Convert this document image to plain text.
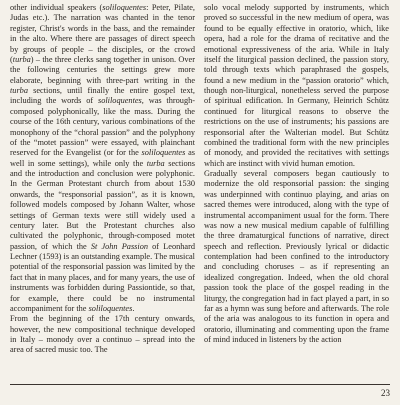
other individual speakers (soliloquentes: Peter, Pilate, Judas etc.). The narration was chanted in the tenor register, Christ's words in the bass, and the remainder in the alto. Where there are passages of direct speech by groups of people – the disciples, or the crowd (turba) – the three clerks sang together in unison. Over the following centuries the settings grew more elaborate, beginning with three-part writing in the turba sections, until finally the entire gospel text, including the words of soliloquentes, was through-composed polyphonically, like the mass. During the course of the 16th century, various combinations of the monophony of the “choral passion” and the polyphony of the “motet passion” were essayed, with plainchant reserved for the Evangelist (or for the soliloquentes as well in some settings), while only the turba sections and the introduction and conclusion were polyphonic. In the German Protestant church from about 1530 onwards, the “responsorial passion”, as it is known, followed models composed by Johann Walter, whose settings of German texts were still widely used a century later. But the Protestant churches also cultivated the polyphonic, through-composed motet passion, of which the St John Passion of Leonhard Lechner (1593) is an outstanding example. The musical potential of the responsorial passion was limited by the fact that in many places, and for many years, the use of instruments was forbidden during Passiontide, so that, for example, there could be no instrumental accompaniment for the soliloquentes.

From the beginning of the 17th century onwards, however, the new compositional technique developed in Italy – monody over a continuo – spread into the area of sacred music too. The

solo vocal melody supported by instruments, which proved so successful in the new medium of opera, was found to be equally effective in oratorio, which, like opera, had a role for the drama of recitative and the emotional expressiveness of the aria. While in Italy itself the liturgical passion declined, the passion story, told through texts which paraphrased the gospels, found a new medium in the “passion oratorio” which, though non-liturgical, nonetheless served the purpose of spiritual edification. In Germany, Heinrich Schütz continued for liturgical reasons to observe the restrictions on the use of instruments; his passions are responsorial after the Walterian model. But Schütz combined the traditional form with the new principles of monody, and provided the recitatives with settings which are instinct with vivid human emotion.

Gradually several composers began cautiously to modernize the old responsorial passion: the singing was underpinned with continuo playing, and arias on sacred themes were introduced, along with the type of instrumental accompaniment usual for the form. There was now a new musical medium capable of fulfilling the three dramaturgical functions of narrative, direct speech and reflection. Previously lyrical or didactic contemplation had been confined to the introductory and concluding choruses – as if representing an idealized congregation. Indeed, when the old choral passion took the place of the gospel reading in the liturgy, the congregation had in fact played a part, in so far as a hymn was sung before and afterwards. The role of the aria was analogous to its function in opera and oratorio, illuminating and commenting upon the frame of mind induced in listeners by the action

23
